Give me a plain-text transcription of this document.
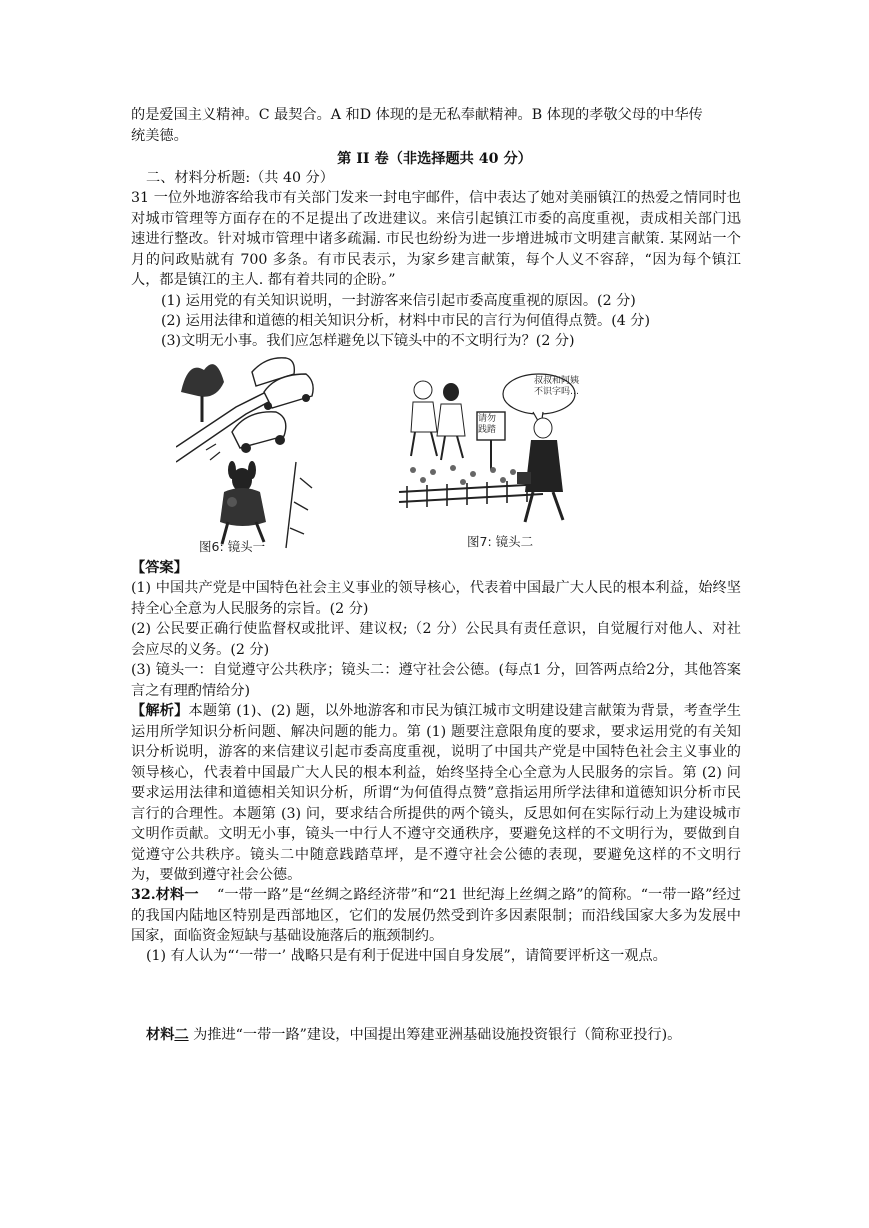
的是爱国主义精神。C 最契合。A 和D 体现的是无私奉献精神。B 体现的孝敬父母的中华传
统美德。
第 II 卷（非选择题共 40 分）
二、材料分析题:（共 40 分）
31 一位外地游客给我市有关部门发来一封电宇邮件，信中表达了她对美丽镇江的热爱之情同时也对城市管理等方面存在的不足提出了改进建议。来信引起镇江市委的高度重视，责成相关部门迅速进行整改。针对城市管理中诸多疏漏. 市民也纷纷为进一步增进城市文明建言献策. 某网站一个月的问政贴就有 700 多条。有市民表示，为家乡建言献策，每个人义不容辞，“因为每个镇江人，都是镇江的主人. 都有着共同的企盼。”
(1) 运用党的有关知识说明，一封游客来信引起市委高度重视的原因。(2 分)
(2) 运用法律和道德的相关知识分析，材料中市民的言行为何值得点赞。(4 分)
(3)文明无小事。我们应怎样避免以下镜头中的不文明行为？(2 分)
图6: 镜头一
叔叔和阿姨不识字吗…
请勿践踏
图7: 镜头二
【答案】
(1) 中国共产党是中国特色社会主义事业的领导核心，代表着中国最广大人民的根本利益，始终坚持全心全意为人民服务的宗旨。(2 分)
(2) 公民要正确行使监督权或批评、建议权;（2 分）公民具有责任意识，自觉履行对他人、对社会应尽的义务。(2 分)
(3) 镜头一：自觉遵守公共秩序；镜头二：遵守社会公德。(每点1 分，回答两点给2分，其他答案言之有理酌情给分)
【解析】本题第 (1)、(2) 题，以外地游客和市民为镇江城市文明建设建言献策为背景，考查学生运用所学知识分析问题、解决问题的能力。第 (1) 题要注意限角度的要求，要求运用党的有关知识分析说明，游客的来信建议引起市委高度重视，说明了中国共产党是中国特色社会主义事业的领导核心，代表着中国最广大人民的根本利益，始终坚持全心全意为人民服务的宗旨。第 (2) 问要求运用法律和道德相关知识分析，所谓“为何值得点赞”意指运用所学法律和道德知识分析市民言行的合理性。本题第 (3) 问，要求结合所提供的两个镜头，反思如何在实际行动上为建设城市文明作贡献。文明无小事，镜头一中行人不遵守交通秩序，要避免这样的不文明行为，要做到自觉遵守公共秩序。镜头二中随意践踏草坪，是不遵守社会公德的表现，要避免这样的不文明行为，要做到遵守社会公德。
32.材料一 “一带一路”是“丝绸之路经济带”和“21 世纪海上丝绸之路”的简称。“一带一路”经过的我国内陆地区特别是西部地区，它们的发展仍然受到许多因素限制；而沿线国家大多为发展中国家，面临资金短缺与基础设施落后的瓶颈制约。
(1) 有人认为“‘一带一’ 战略只是有利于促进中国自身发展”，请简要评析这一观点。
材料二 为推进“一带一路”建设，中国提出筹建亚洲基础设施投资银行（简称亚投行)。
